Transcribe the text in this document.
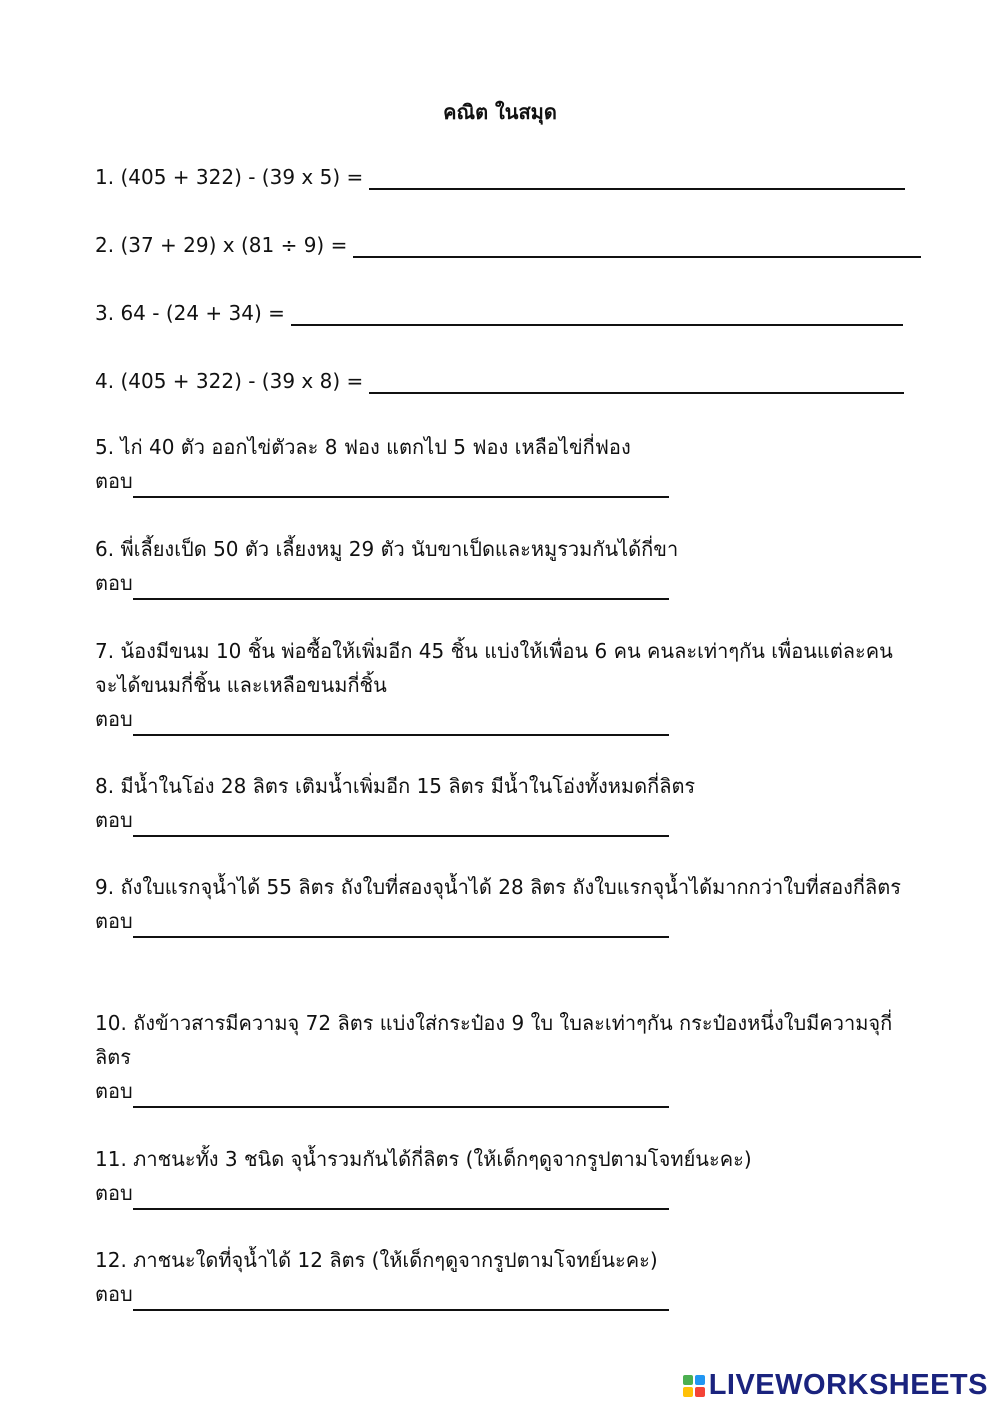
คณิต ในสมุด
1. (405 + 322) - (39 x 5) =
2. (37 + 29) x (81 ÷ 9) =
3. 64 - (24 + 34) =
4. (405 + 322) - (39 x 8) =
5. ไก่ 40 ตัว ออกไข่ตัวละ 8 ฟอง แตกไป 5 ฟอง เหลือไข่กี่ฟอง
ตอบ
6. พี่เลี้ยงเป็ด 50 ตัว เลี้ยงหมู 29 ตัว นับขาเป็ดและหมูรวมกันได้กี่ขา
ตอบ
7. น้องมีขนม 10 ชิ้น พ่อซื้อให้เพิ่มอีก 45 ชิ้น แบ่งให้เพื่อน 6 คน คนละเท่าๆกัน เพื่อนแต่ละคนจะได้ขนมกี่ชิ้น และเหลือขนมกี่ชิ้น
ตอบ
8. มีน้ำในโอ่ง 28 ลิตร เติมน้ำเพิ่มอีก 15 ลิตร มีน้ำในโอ่งทั้งหมดกี่ลิตร
ตอบ
9. ถังใบแรกจุน้ำได้ 55 ลิตร ถังใบที่สองจุน้ำได้ 28 ลิตร ถังใบแรกจุน้ำได้มากกว่าใบที่สองกี่ลิตร
ตอบ
10. ถังข้าวสารมีความจุ 72 ลิตร แบ่งใส่กระป๋อง 9 ใบ ใบละเท่าๆกัน กระป๋องหนึ่งใบมีความจุกี่ลิตร
ตอบ
11. ภาชนะทั้ง 3 ชนิด จุน้ำรวมกันได้กี่ลิตร (ให้เด็กๆดูจากรูปตามโจทย์นะคะ)
ตอบ
12. ภาชนะใดที่จุน้ำได้ 12 ลิตร (ให้เด็กๆดูจากรูปตามโจทย์นะคะ)
ตอบ
LIVEWORKSHEETS
